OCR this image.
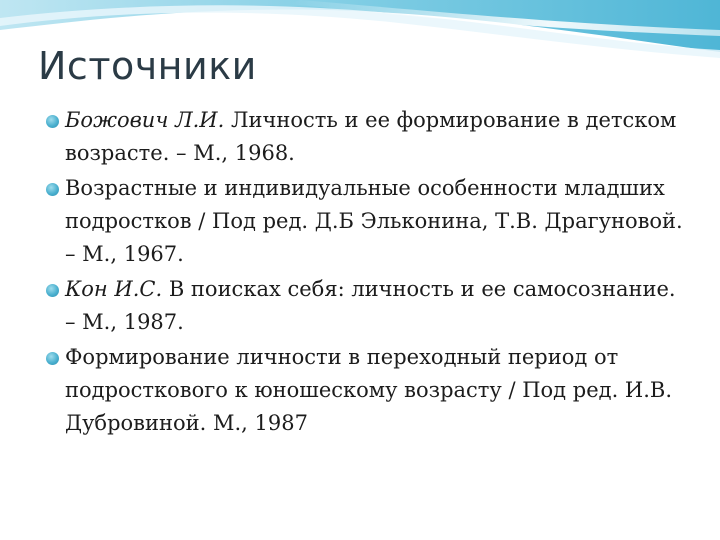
Источники
Божович Л.И. Личность и ее формирование в детском возрасте. – М., 1968.
Возрастные и индивидуальные особенности младших подростков / Под ред. Д.Б Эльконина, Т.В. Драгуновой. – М., 1967.
Кон И.С. В поисках себя: личность и ее самосознание. – М., 1987.
Формирование личности в переходный период от подросткового к юношескому возрасту / Под ред. И.В. Дубровиной. М., 1987
